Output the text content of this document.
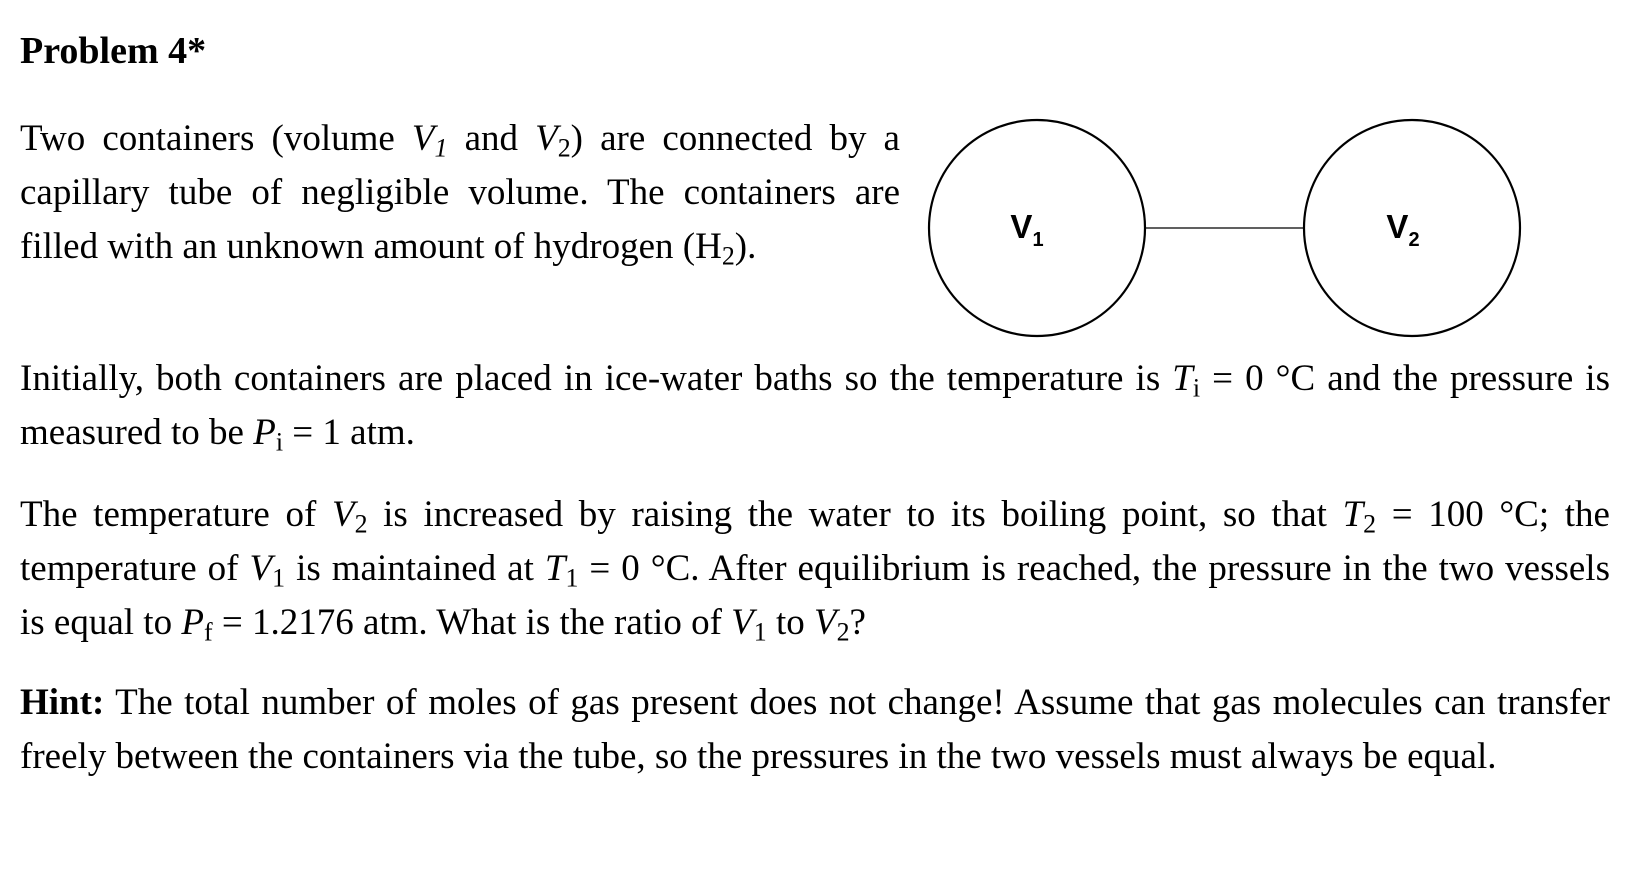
Problem 4*
Two containers (volume V1 and V2) are connected by a capillary tube of negligible volume. The containers are filled with an unknown amount of hydrogen (H2).	V1	V2
Initially, both containers are placed in ice-water baths so the temperature is Ti = 0 °C and the pressure is measured to be Pi = 1 atm.
The temperature of V2 is increased by raising the water to its boiling point, so that T2 = 100 °C; the temperature of V1 is maintained at T1 = 0 °C. After equilibrium is reached, the pressure in the two vessels is equal to Pf = 1.2176 atm. What is the ratio of V1 to V2?
Hint: The total number of moles of gas present does not change! Assume that gas molecules can transfer freely between the containers via the tube, so the pressures in the two vessels must always be equal.
